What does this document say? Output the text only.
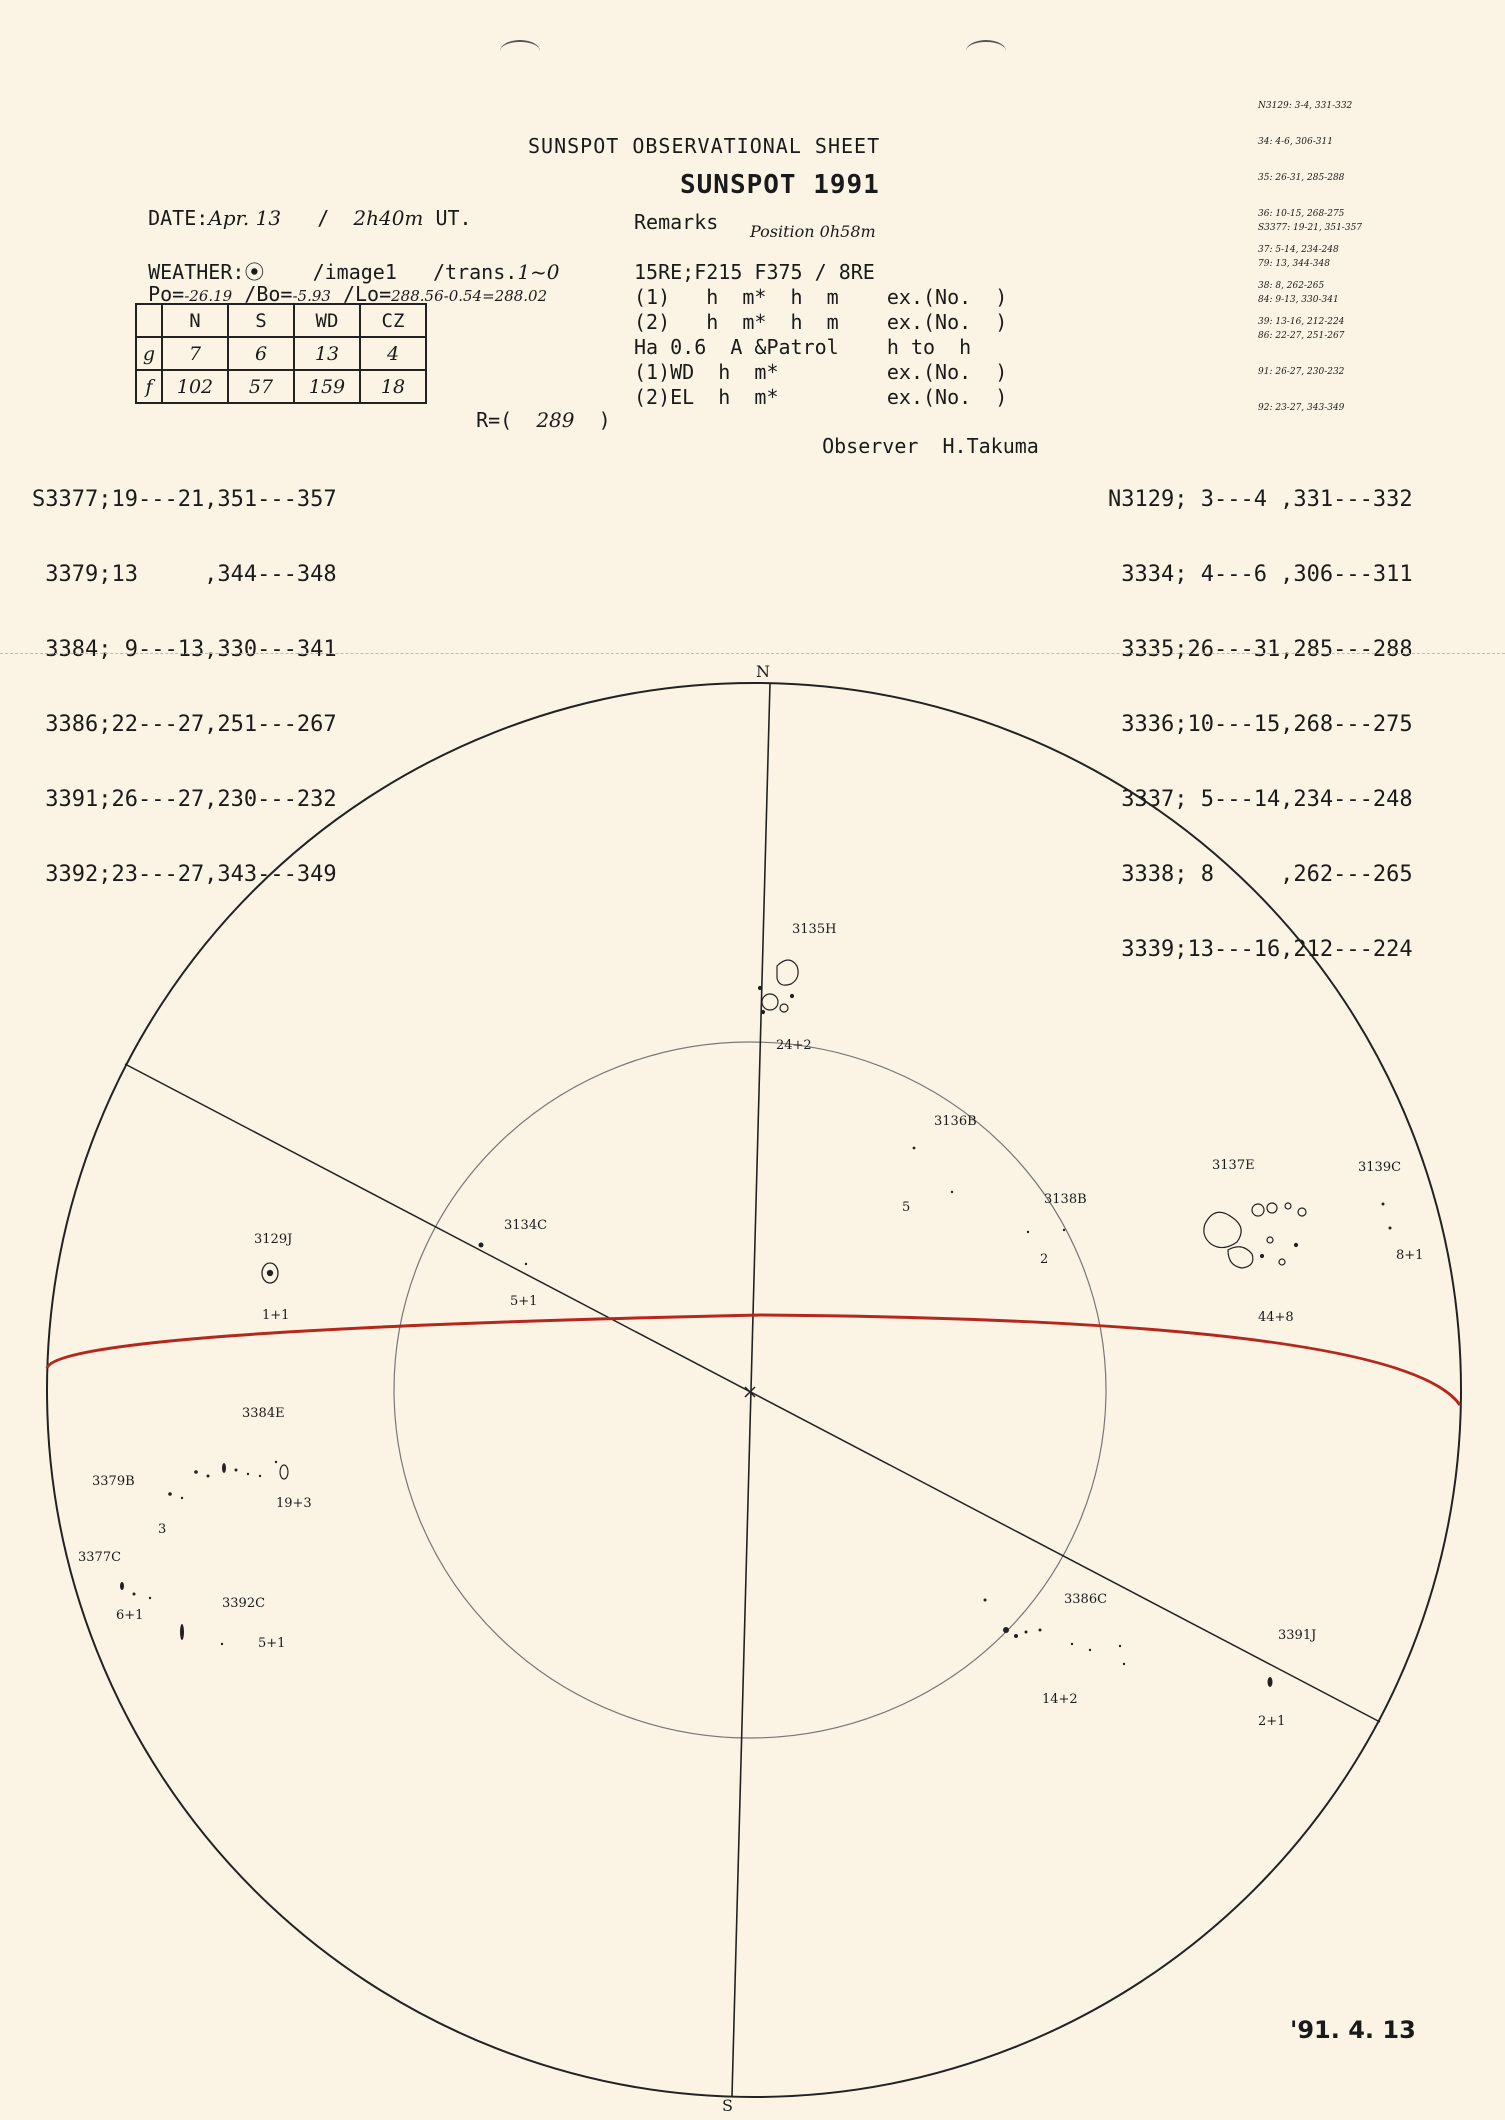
SUNSPOT OBSERVATIONAL SHEET
SUNSPOT 1991

DATE:Apr. 13 / 2h40m UT.

WEATHER:⦿ /image1 /trans.1~0

Po=-26.19 /Bo=-5.93 /Lo=288.56-0.54=288.02

	N	S	WD	CZ
g	7	6	13	4
f	102	57	159	18

R=( 289 )

Remarks Position 0h58m
15RE;F215 F375 / 8RE
(1)   h  m*  h  m    ex.(No.  )
(2)   h  m*  h  m    ex.(No.  )
Ha 0.6  A &Patrol    h to  h
(1)WD  h  m*         ex.(No.  )
(2)EL  h  m*         ex.(No.  )

Observer H.Takuma

N3129: 3-4, 331-332

34: 4-6, 306-311

35: 26-31, 285-288

36: 10-15, 268-275

37: 5-14, 234-248

38: 8, 262-265

39: 13-16, 212-224

S3377: 19-21, 351-357

79: 13, 344-348

84: 9-13, 330-341

86: 22-27, 251-267

91: 26-27, 230-232

92: 23-27, 343-349

S3377;19---21,351---357

3379;13     ,344---348

3384; 9---13,330---341

3386;22---27,251---267

3391;26---27,230---232

3392;23---27,343---349

N3129; 3---4 ,331---332

3334; 4---6 ,306---311

3335;26---31,285---288

3336;10---15,268---275

3337; 5---14,234---248

3338; 8     ,262---265

3339;13---16,212---224

N
S
'91. 4. 13
3135H
24+2
3136B
5
3138B
2
3137E
44+8
3139C
8+1
3134C
5+1
3129J
1+1
3384E
19+3
3379B
3
3377C
6+1
3392C
5+1
3386C
14+2
3391J
2+1
